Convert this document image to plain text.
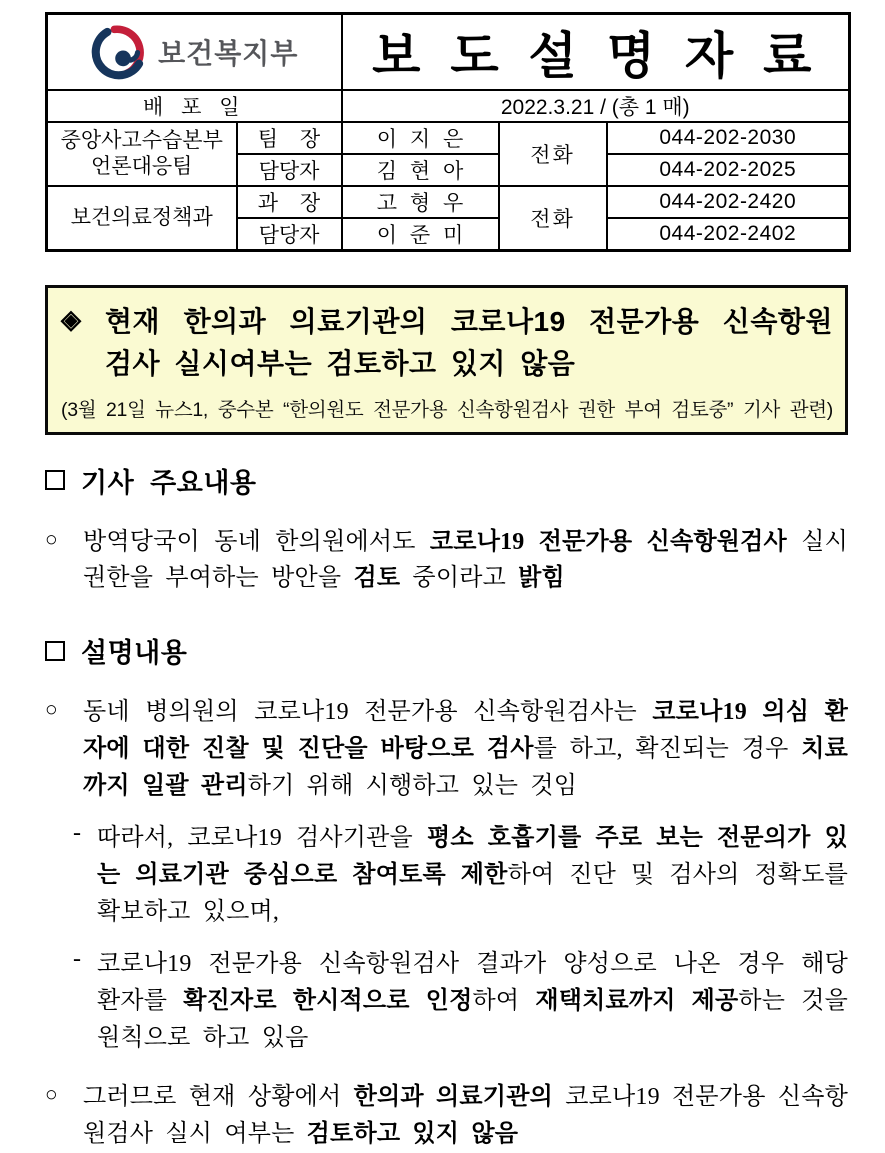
보건복지부		보 도 설 명 자 료		

배 포 일		2022.3.21 / (총 1 매)		

중앙사고수습본부
언론대응팀	팀 장	이 지 은	전화	044-202-2030
	담당자	김 현 아		044-202-2025

보건의료정책과	과 장	고 형 우	전화	044-202-2420
	담당자	이 준 미		044-202-2402
◈ 현재 한의과 의료기관의 코로나19 전문가용 신속항원
검사 실시여부는 검토하고 있지 않음
(3월 21일 뉴스1, 중수본 “한의원도 전문가용 신속항원검사 권한 부여 검토중” 기사 관련)
기사 주요내용
○	방역당국이 동네 한의원에서도 코로나19 전문가용 신속항원검사 실시 권한을 부여하는 방안을 검토 중이라고 밝힘
설명내용
○	동네 병의원의 코로나19 전문가용 신속항원검사는 코로나19 의심 환자에 대한 진찰 및 진단을 바탕으로 검사를 하고, 확진되는 경우 치료까지 일괄 관리하기 위해 시행하고 있는 것임
- 따라서, 코로나19 검사기관을 평소 호흡기를 주로 보는 전문의가 있는 의료기관 중심으로 참여토록 제한하여 진단 및 검사의 정확도를 확보하고 있으며,
- 코로나19 전문가용 신속항원검사 결과가 양성으로 나온 경우 해당 환자를 확진자로 한시적으로 인정하여 재택치료까지 제공하는 것을 원칙으로 하고 있음
○	그러므로 현재 상황에서 한의과 의료기관의 코로나19 전문가용 신속항원검사 실시 여부는 검토하고 있지 않음
